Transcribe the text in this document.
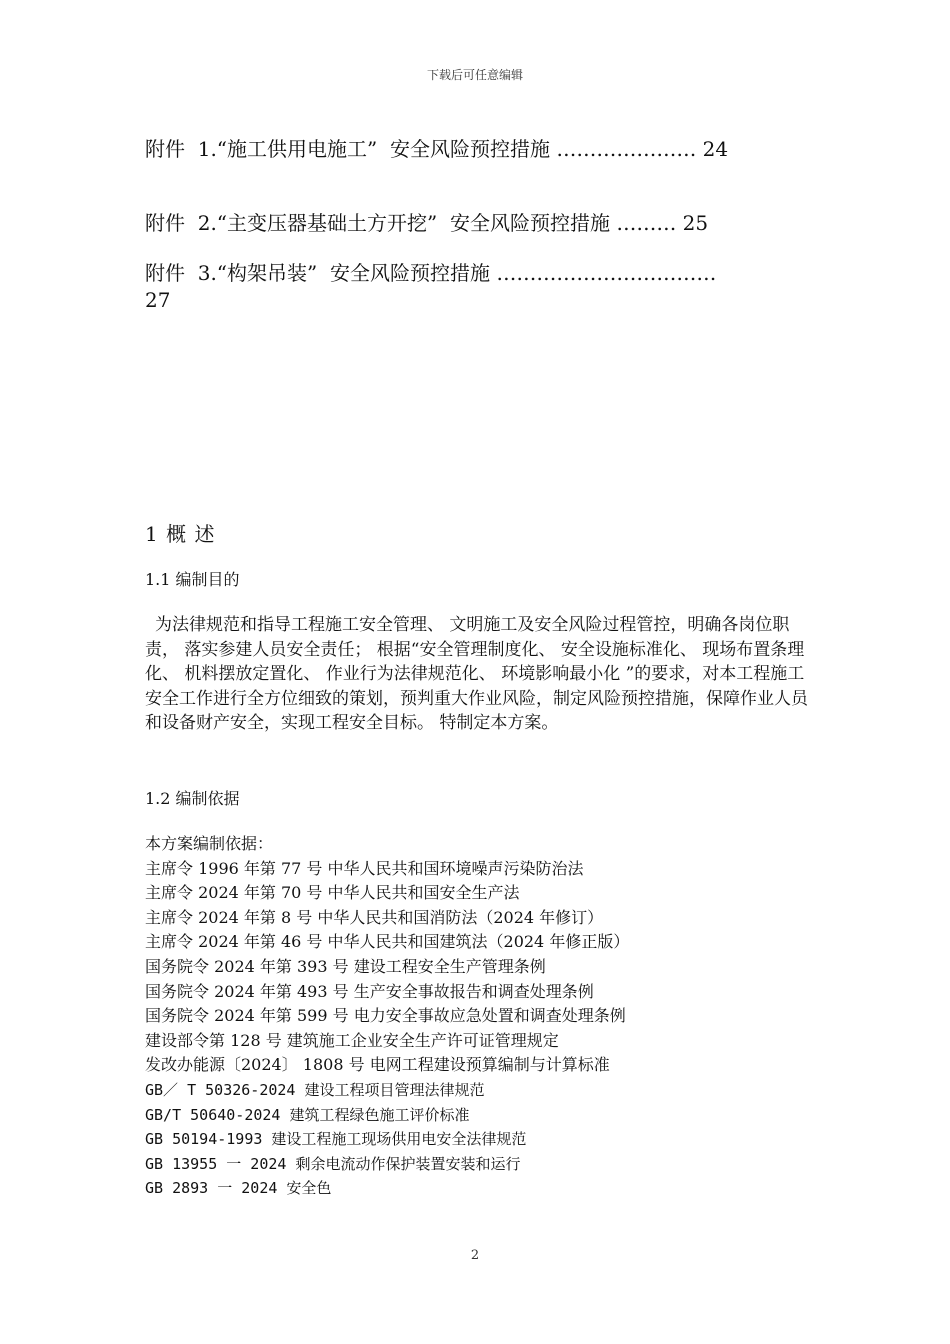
下载后可任意编辑
附件  1.“施工供用电施工”  安全风险预控措施 ………………… 24
附件  2.“主变压器基础土方开挖”  安全风险预控措施 ……… 25
附件  3.“构架吊装”  安全风险预控措施 ……………………………
27
1 概 述
1.1 编制目的
为法律规范和指导工程施工安全管理、 文明施工及安全风险过程管控，明确各岗位职责， 落实参建人员安全责任； 根据“安全管理制度化、 安全设施标准化、 现场布置条理化、 机料摆放定置化、 作业行为法律规范化、 环境影响最小化 ”的要求，对本工程施工安全工作进行全方位细致的策划，预判重大作业风险，制定风险预控措施，保障作业人员和设备财产安全，实现工程安全目标。 特制定本方案。
1.2 编制依据
本方案编制依据：
主席令 1996 年第 77 号 中华人民共和国环境噪声污染防治法
主席令 2024 年第 70 号 中华人民共和国安全生产法
主席令 2024 年第 8 号 中华人民共和国消防法（2024 年修订）
主席令 2024 年第 46 号 中华人民共和国建筑法（2024 年修正版）
国务院令 2024 年第 393 号 建设工程安全生产管理条例
国务院令 2024 年第 493 号 生产安全事故报告和调查处理条例
国务院令 2024 年第 599 号 电力安全事故应急处置和调查处理条例
建设部令第 128 号 建筑施工企业安全生产许可证管理规定
发改办能源〔2024〕 1808 号 电网工程建设预算编制与计算标准
GB／ T 50326-2024 建设工程项目管理法律规范
GB/T 50640-2024 建筑工程绿色施工评价标准
GB 50194-1993 建设工程施工现场供用电安全法律规范
GB 13955 一 2024 剩余电流动作保护装置安装和运行
GB 2893 一 2024 安全色
2
